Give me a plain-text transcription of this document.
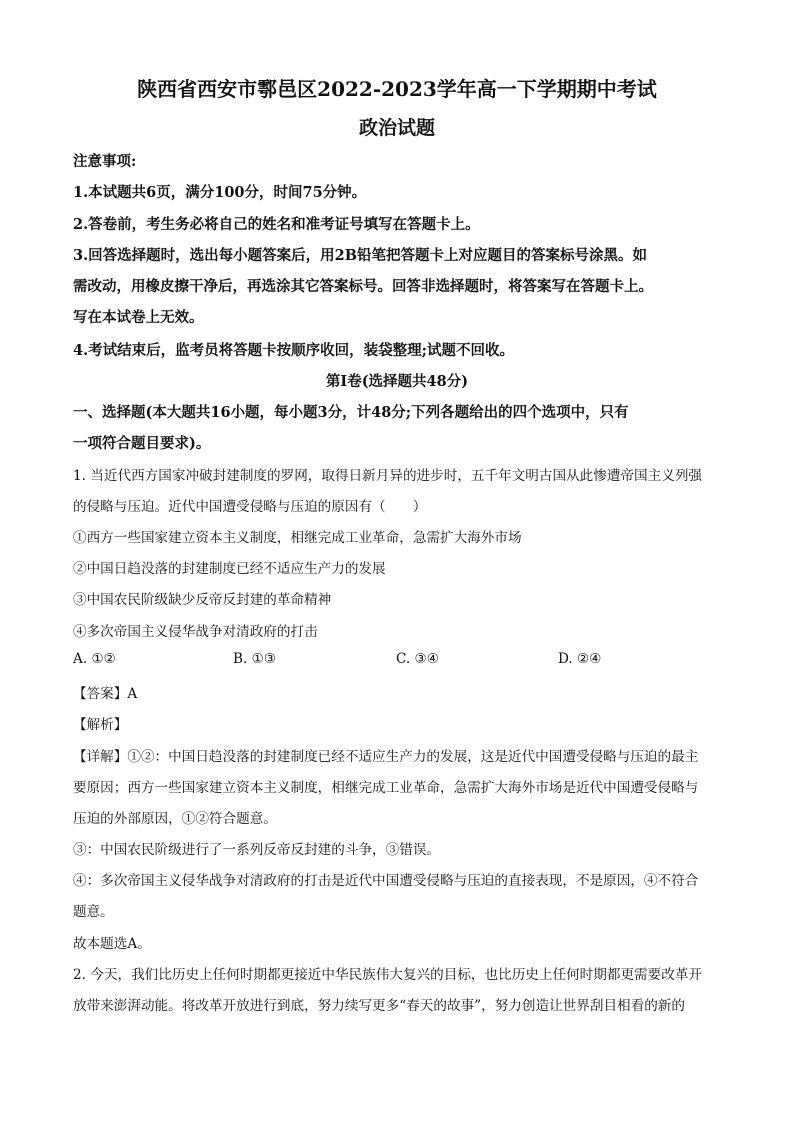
陕西省西安市鄠邑区2022-2023学年高一下学期期中考试
政治试题
注意事项:
1.本试题共6页，满分100分，时间75分钟。
2.答卷前，考生务必将自己的姓名和准考证号填写在答题卡上。
3.回答选择题时，选出每小题答案后，用2B铅笔把答题卡上对应题目的答案标号涂黑。如
需改动，用橡皮擦干净后，再选涂其它答案标号。回答非选择题时，将答案写在答题卡上。
写在本试卷上无效。
4.考试结束后，监考员将答题卡按顺序收回，装袋整理;试题不回收。
第Ⅰ卷(选择题共48分)
一、选择题(本大题共16小题，每小题3分，计48分;下列各题给出的四个选项中，只有
一项符合题目要求)。
1. 当近代西方国家冲破封建制度的罗网，取得日新月异的进步时，五千年文明古国从此惨遭帝国主义列强
的侵略与压迫。近代中国遭受侵略与压迫的原因有（　　）
①西方一些国家建立资本主义制度，相继完成工业革命，急需扩大海外市场
②中国日趋没落的封建制度已经不适应生产力的发展
③中国农民阶级缺少反帝反封建的革命精神
④多次帝国主义侵华战争对清政府的打击
A. ①②	B. ①③	C. ③④	D. ②④
【答案】A
【解析】
【详解】①②：中国日趋没落的封建制度已经不适应生产力的发展，这是近代中国遭受侵略与压迫的最主
要原因；西方一些国家建立资本主义制度，相继完成工业革命，急需扩大海外市场是近代中国遭受侵略与
压迫的外部原因，①②符合题意。
③：中国农民阶级进行了一系列反帝反封建的斗争，③错误。
④：多次帝国主义侵华战争对清政府的打击是近代中国遭受侵略与压迫的直接表现，不是原因，④不符合
题意。
故本题选A。
2. 今天，我们比历史上任何时期都更接近中华民族伟大复兴的目标，也比历史上任何时期都更需要改革开
放带来澎湃动能。将改革开放进行到底，努力续写更多“春天的故事”，努力创造让世界刮目相看的新的
